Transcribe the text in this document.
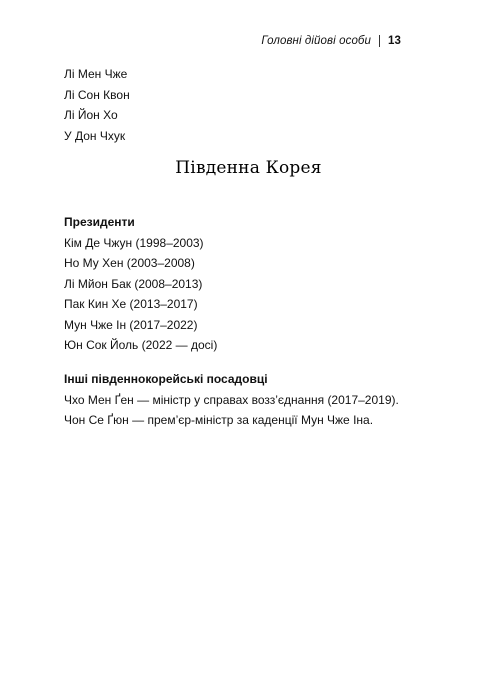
Головні дійові особи 13
Лі Мен Чже
Лі Сон Квон
Лі Йон Хо
У Дон Чхук
Південна Корея
Президенти
Кім Де Чжун (1998–2003)
Но Му Хен (2003–2008)
Лі Мйон Бак (2008–2013)
Пак Кин Хе (2013–2017)
Мун Чже Ін (2017–2022)
Юн Сок Йоль (2022 — досі)
Інші південнокорейські посадовці
Чхо Мен Ґен — міністр у справах возз’єднання (2017–2019).
Чон Се Ґюн — прем’єр-міністр за каденції Мун Чже Іна.
